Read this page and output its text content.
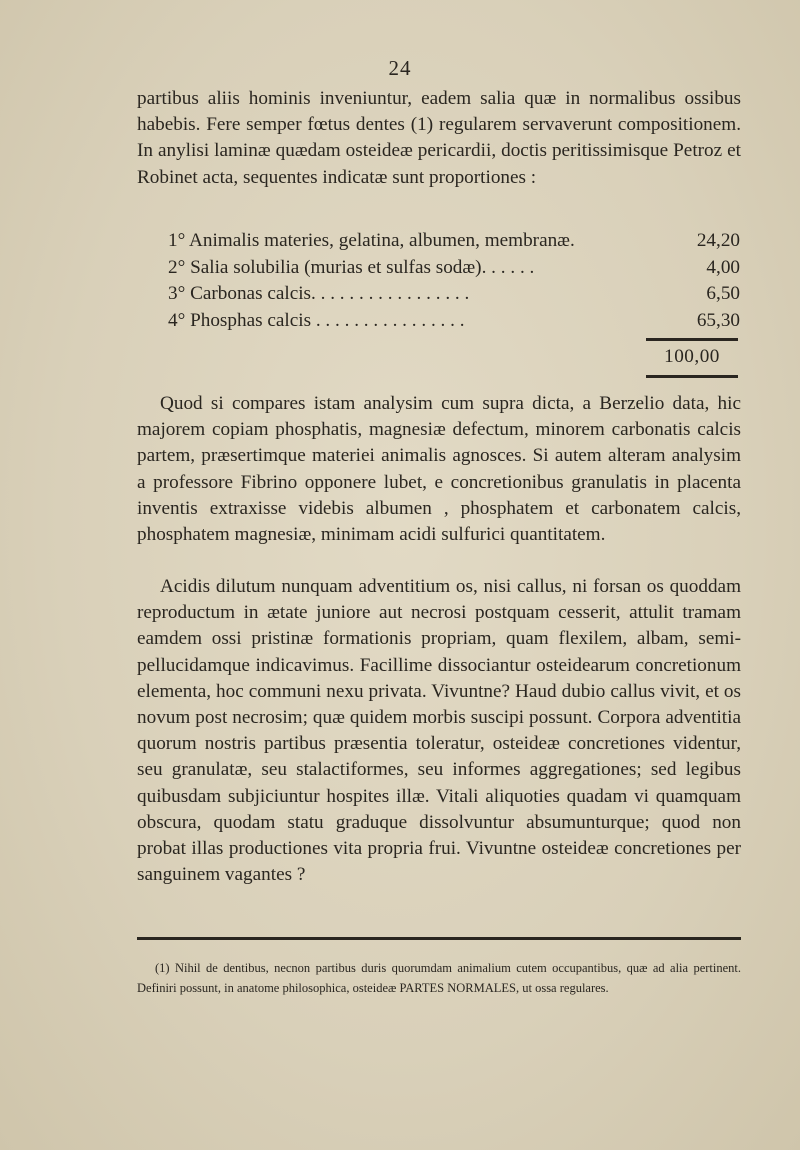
24

partibus aliis hominis inveniuntur, eadem salia quæ in normalibus ossibus habebis. Fere semper fœtus dentes (1) regularem servaverunt compositionem. In anylisi laminæ quædam osteideæ pericardii, doctis peritissimisque Petroz et Robinet acta, sequentes indicatæ sunt proportiones :

1° Animalis materies, gelatina, albumen, membranæ.	24,20
2° Salia solubilia (murias et sulfas sodæ). . . . . .	4,00
3° Carbonas calcis. . . . . . . . . . . . . . . . .	6,50
4° Phosphas calcis . . . . . . . . . . . . . . . .	65,30
100,00

Quod si compares istam analysim cum supra dicta, a Berzelio data, hic majorem copiam phosphatis, magnesiæ defectum, minorem carbonatis calcis partem, præsertimque materiei animalis agnosces. Si autem alteram analysim a professore Fibrino opponere lubet, e concretionibus granulatis in placenta inventis extraxisse videbis albumen , phosphatem et carbonatem calcis, phosphatem magnesiæ, minimam acidi sulfurici quantitatem.

Acidis dilutum nunquam adventitium os, nisi callus, ni forsan os quoddam reproductum in ætate juniore aut necrosi postquam cesserit, attulit tramam eamdem ossi pristinæ formationis propriam, quam flexilem, albam, semi-pellucidamque indicavimus. Facillime dissociantur osteidearum concretionum elementa, hoc communi nexu privata. Vivuntne? Haud dubio callus vivit, et os novum post necrosim; quæ quidem morbis suscipi possunt. Corpora adventitia quorum nostris partibus præsentia toleratur, osteideæ concretiones videntur, seu granulatæ, seu stalactiformes, seu informes aggregationes; sed legibus quibusdam subjiciuntur hospites illæ. Vitali aliquoties quadam vi quamquam obscura, quodam statu graduque dissolvuntur absumunturque; quod non probat illas productiones vita propria frui. Vivuntne osteideæ concretiones per sanguinem vagantes ?

(1) Nihil de dentibus, necnon partibus duris quorumdam animalium cutem occupantibus, quæ ad alia pertinent. Definiri possunt, in anatome philosophica, osteideæ PARTES NORMALES, ut ossa regulares.
